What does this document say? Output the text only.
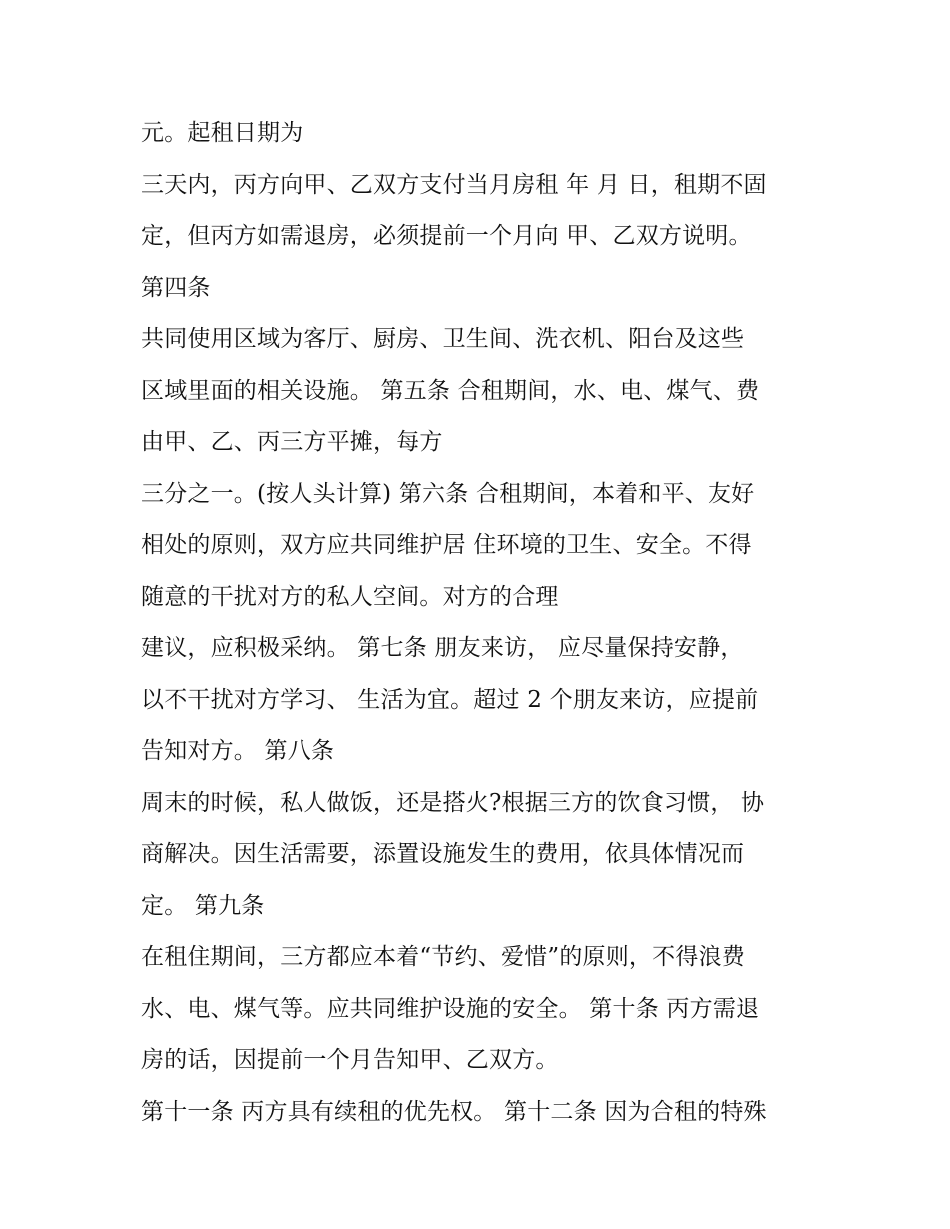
元。起租日期为
三天内，丙方向甲、乙双方支付当月房租 年 月 日，租期不固
定，但丙方如需退房，必须提前一个月向 甲、乙双方说明。
第四条
共同使用区域为客厅、厨房、卫生间、洗衣机、阳台及这些
区域里面的相关设施。 第五条 合租期间，水、电、煤气、费
由甲、乙、丙三方平摊，每方
三分之一。(按人头计算) 第六条 合租期间，本着和平、友好
相处的原则，双方应共同维护居 住环境的卫生、安全。不得
随意的干扰对方的私人空间。对方的合理
建议，应积极采纳。 第七条 朋友来访， 应尽量保持安静，
以不干扰对方学习、 生活为宜。超过 2 个朋友来访，应提前
告知对方。 第八条
周末的时候，私人做饭，还是搭火?根据三方的饮食习惯， 协
商解决。因生活需要，添置设施发生的费用，依具体情况而
定。 第九条
在租住期间，三方都应本着“节约、爱惜”的原则，不得浪费
水、电、煤气等。应共同维护设施的安全。 第十条 丙方需退
房的话，因提前一个月告知甲、乙双方。
第十一条 丙方具有续租的优先权。 第十二条 因为合租的特殊
